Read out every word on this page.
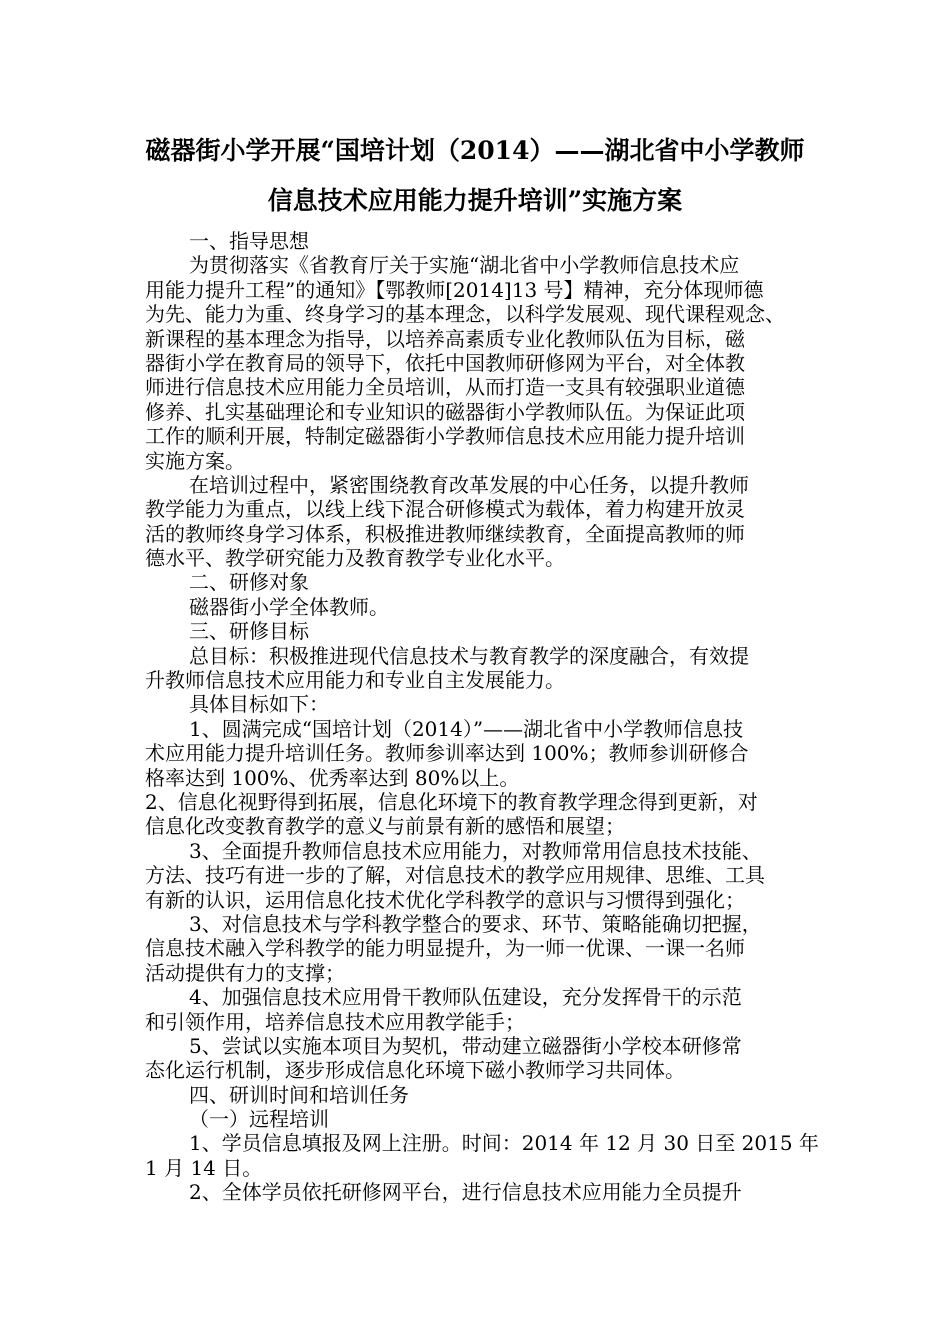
磁器街小学开展“国培计划（2014）——湖北省中小学教师
信息技术应用能力提升培训”实施方案
一、指导思想
为贯彻落实《省教育厅关于实施“湖北省中小学教师信息技术应
用能力提升工程”的通知》【鄂教师[2014]13 号】精神，充分体现师德
为先、能力为重、终身学习的基本理念，以科学发展观、现代课程观念、
新课程的基本理念为指导，以培养高素质专业化教师队伍为目标，磁
器街小学在教育局的领导下，依托中国教师研修网为平台，对全体教
师进行信息技术应用能力全员培训，从而打造一支具有较强职业道德
修养、扎实基础理论和专业知识的磁器街小学教师队伍。为保证此项
工作的顺利开展，特制定磁器街小学教师信息技术应用能力提升培训
实施方案。
在培训过程中，紧密围绕教育改革发展的中心任务，以提升教师
教学能力为重点，以线上线下混合研修模式为载体，着力构建开放灵
活的教师终身学习体系，积极推进教师继续教育，全面提高教师的师
德水平、教学研究能力及教育教学专业化水平。
二、研修对象
磁器街小学全体教师。
三、研修目标
总目标：积极推进现代信息技术与教育教学的深度融合，有效提
升教师信息技术应用能力和专业自主发展能力。
具体目标如下：
1、圆满完成“国培计划（2014）”——湖北省中小学教师信息技
术应用能力提升培训任务。教师参训率达到 100%；教师参训研修合
格率达到 100%、优秀率达到 80%以上。
2、信息化视野得到拓展，信息化环境下的教育教学理念得到更新，对
信息化改变教育教学的意义与前景有新的感悟和展望；
3、全面提升教师信息技术应用能力，对教师常用信息技术技能、
方法、技巧有进一步的了解，对信息技术的教学应用规律、思维、工具
有新的认识，运用信息化技术优化学科教学的意识与习惯得到强化；
3、对信息技术与学科教学整合的要求、环节、策略能确切把握，
信息技术融入学科教学的能力明显提升，为一师一优课、一课一名师
活动提供有力的支撑；
4、加强信息技术应用骨干教师队伍建设，充分发挥骨干的示范
和引领作用，培养信息技术应用教学能手；
5、尝试以实施本项目为契机，带动建立磁器街小学校本研修常
态化运行机制，逐步形成信息化环境下磁小教师学习共同体。
四、研训时间和培训任务
（一）远程培训
1、学员信息填报及网上注册。时间：2014 年 12 月 30 日至 2015 年
1 月 14 日。
2、全体学员依托研修网平台，进行信息技术应用能力全员提升
